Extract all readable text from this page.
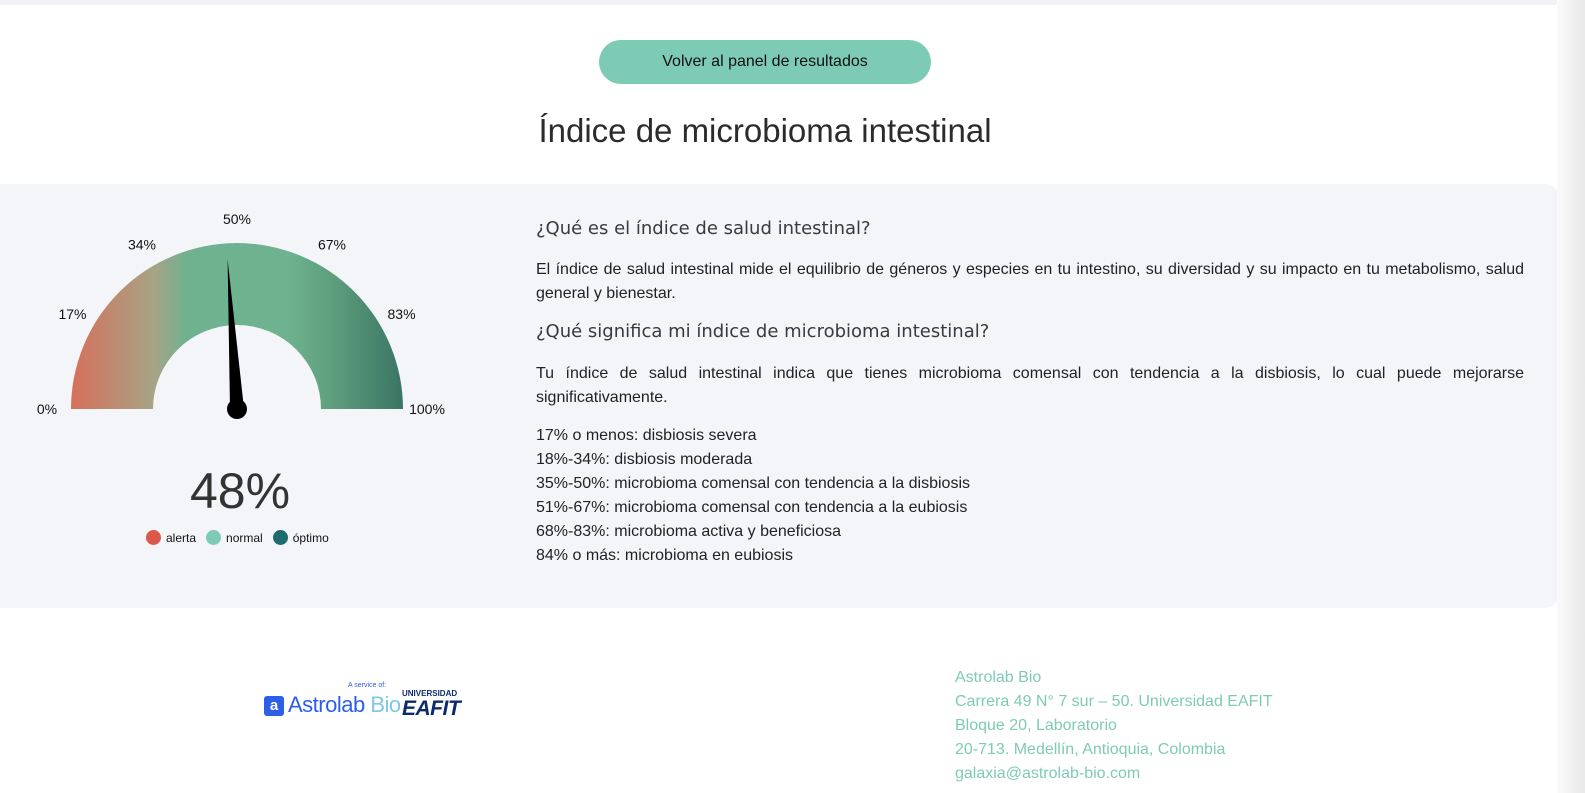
Volver al panel de resultados
Índice de microbioma intestinal
0%
17%
34%
50%
67%
83%
100%
48%
alerta	normal	óptimo
¿Qué es el índice de salud intestinal?

El índice de salud intestinal mide el equilibrio de géneros y especies en tu intestino, su diversidad y su impacto en tu metabolismo, salud general y bienestar.

¿Qué significa mi índice de microbioma intestinal?

Tu índice de salud intestinal indica que tienes microbioma comensal con tendencia a la disbiosis, lo cual puede mejorarse significativamente.

17% o menos: disbiosis severa
18%-34%: disbiosis moderada
35%-50%: microbioma comensal con tendencia a la disbiosis
51%-67%: microbioma comensal con tendencia a la eubiosis
68%-83%: microbioma activa y beneficiosa
84% o más: microbioma en eubiosis
A service of:
a Astrolab Bio UNIVERSIDAD
EAFIT
Astrolab Bio
Carrera 49 N° 7 sur – 50. Universidad EAFIT
Bloque 20, Laboratorio
20-713. Medellín, Antioquia, Colombia
galaxia@astrolab-bio.com
